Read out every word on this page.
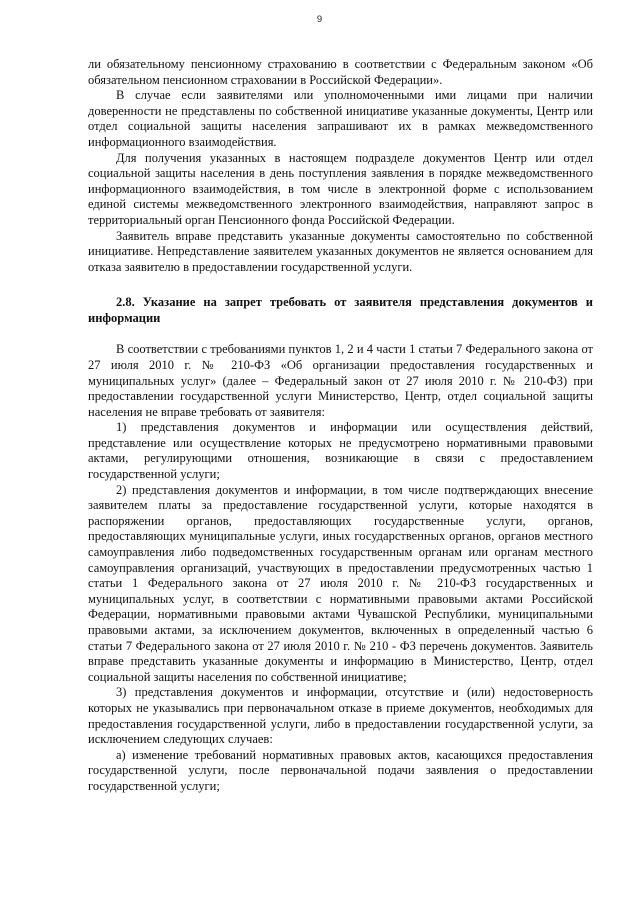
9

ли обязательному пенсионному страхованию в соответствии с Федеральным законом «Об обязательном пенсионном страховании в Российской Федерации».

В случае если заявителями или уполномоченными ими лицами при наличии доверенности не представлены по собственной инициативе указанные документы, Центр или отдел социальной защиты населения запрашивают их в рамках межведомственного информационного взаимодействия.

Для получения указанных в настоящем подразделе документов Центр или отдел социальной защиты населения в день поступления заявления в порядке межведомственного информационного взаимодействия, в том числе в электронной форме с использованием единой системы межведомственного электронного взаимодействия, направляют запрос в территориальный орган Пенсионного фонда Российской Федерации.

Заявитель вправе представить указанные документы самостоятельно по собственной инициативе. Непредставление заявителем указанных документов не является основанием для отказа заявителю в предоставлении государственной услуги.

2.8. Указание на запрет требовать от заявителя представления документов и информации

В соответствии с требованиями пунктов 1, 2 и 4 части 1 статьи 7 Федерального закона от 27 июля 2010 г. № 210-ФЗ «Об организации предоставления государственных и муниципальных услуг» (далее – Федеральный закон от 27 июля 2010 г. № 210-ФЗ) при предоставлении государственной услуги Министерство, Центр, отдел социальной защиты населения не вправе требовать от заявителя:

1) представления документов и информации или осуществления действий, представление или осуществление которых не предусмотрено нормативными правовыми актами, регулирующими отношения, возникающие в связи с предоставлением государственной услуги;

2) представления документов и информации, в том числе подтверждающих внесение заявителем платы за предоставление государственной услуги, которые находятся в распоряжении органов, предоставляющих государственные услуги, органов, предоставляющих муниципальные услуги, иных государственных органов, органов местного самоуправления либо подведомственных государственным органам или органам местного самоуправления организаций, участвующих в предоставлении предусмотренных частью 1 статьи 1 Федерального закона от 27 июля 2010 г. № 210-ФЗ государственных и муниципальных услуг, в соответствии с нормативными правовыми актами Российской Федерации, нормативными правовыми актами Чувашской Республики, муниципальными правовыми актами, за исключением документов, включенных в определенный частью 6 статьи 7 Федерального закона от 27 июля 2010 г. № 210 - ФЗ перечень документов. Заявитель вправе представить указанные документы и информацию в Министерство, Центр, отдел социальной защиты населения по собственной инициативе;

3) представления документов и информации, отсутствие и (или) недостоверность которых не указывались при первоначальном отказе в приеме документов, необходимых для предоставления государственной услуги, либо в предоставлении государственной услуги, за исключением следующих случаев:

а) изменение требований нормативных правовых актов, касающихся предоставления государственной услуги, после первоначальной подачи заявления о предоставлении государственной услуги;
